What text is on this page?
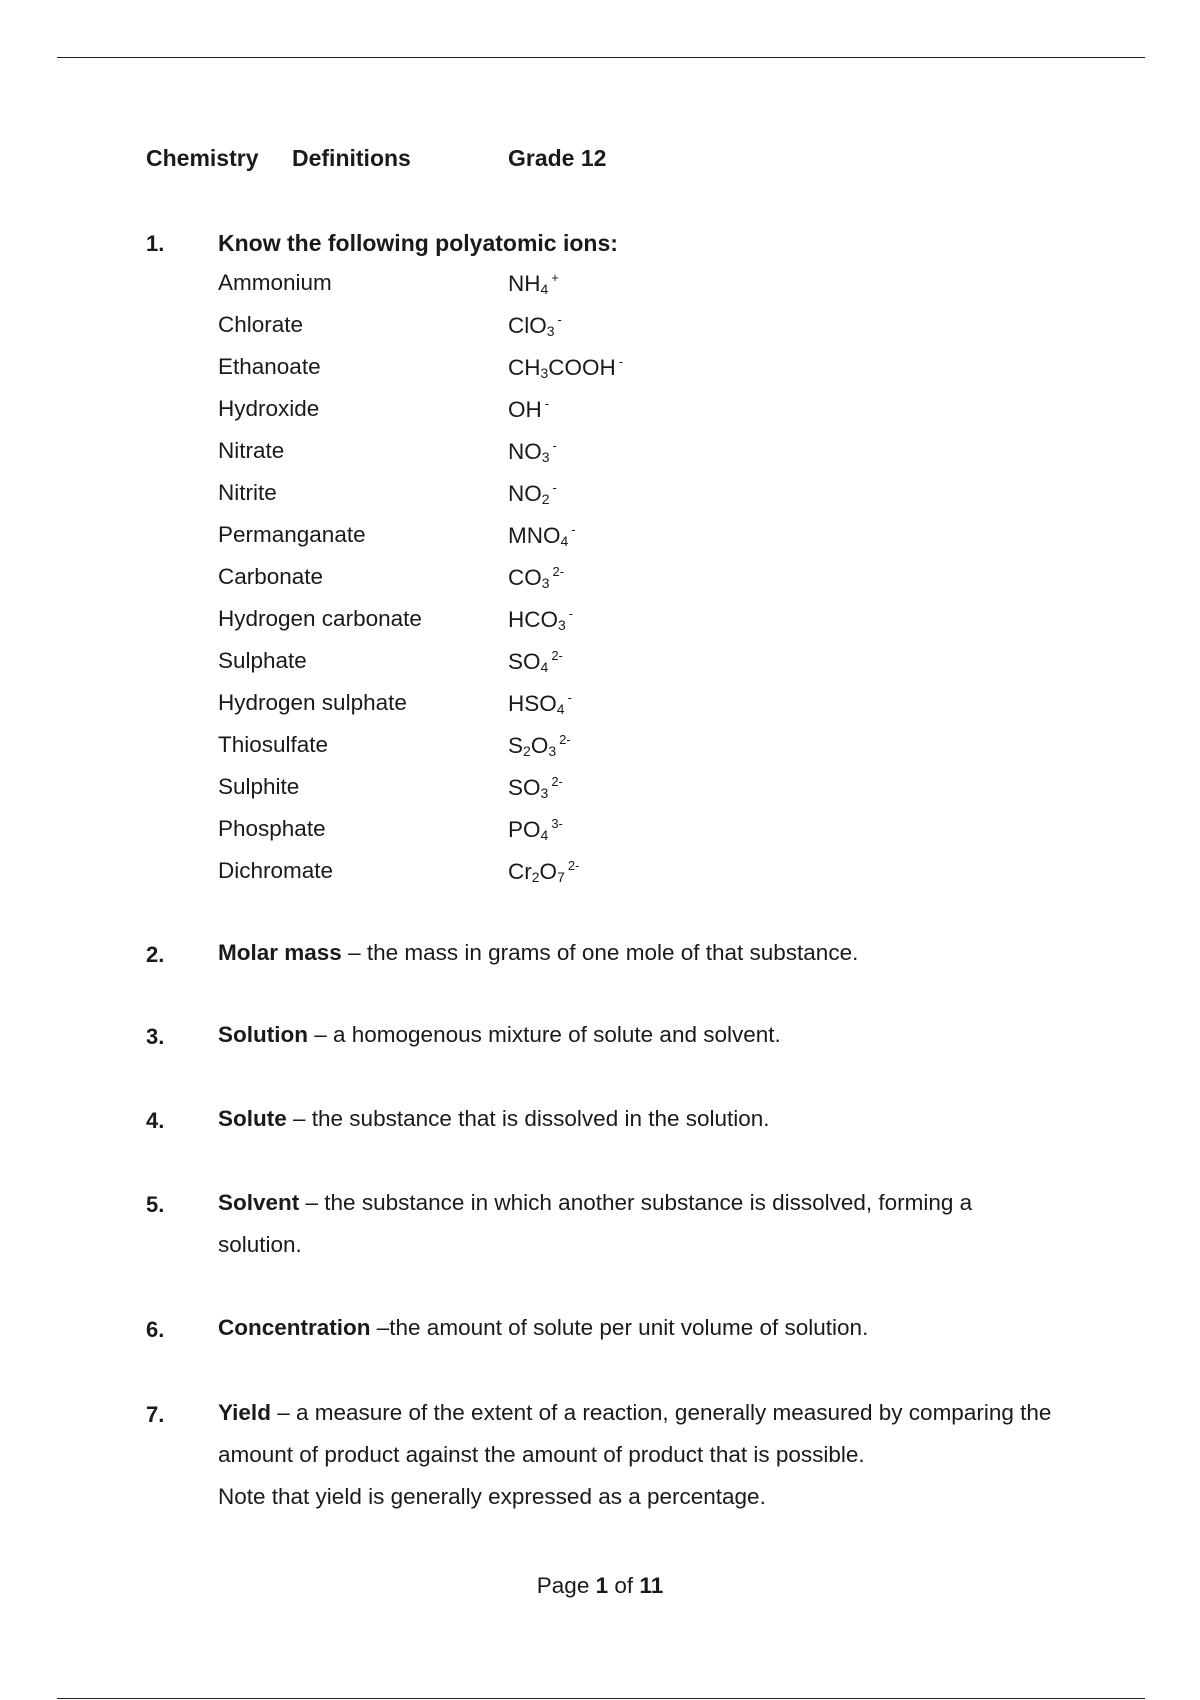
Chemistry Definitions	Grade 12
1. Know the following polyatomic ions:
Ammonium	$NH_4^+$
Chlorate	ClO$_3$-
Ethanoate	$CH_3COOH$ -
Hydroxide	OH -
Nitrate	$NO_3^-$
Nitrite	$NO_2^-$
Permanganate	$MNO_4^-$
Carbonate	$CO_3^{2-}$
Hydrogen carbonate	$HCO_3^-$
Sulphate	$SO_4^{2-}$
Hydrogen sulphate	$HSO_4^-$
Thiosulfate	$S_2O_3^{2-}$
Sulphite	$SO_3^{2-}$
Phosphate	$PO_4^{3-}$
Dichromate	$Cr_2O_7^{2-}$
2. Molar mass – the mass in grams of one mole of that substance.
3. Solution – a homogenous mixture of solute and solvent.
4. Solute – the substance that is dissolved in the solution.
5. Solvent – the substance in which another substance is dissolved, forming a solution.
6. Concentration –the amount of solute per unit volume of solution.
7. Yield – a measure of the extent of a reaction, generally measured by comparing the amount of product against the amount of product that is possible.
Note that yield is generally expressed as a percentage.
Page 1 of 11
